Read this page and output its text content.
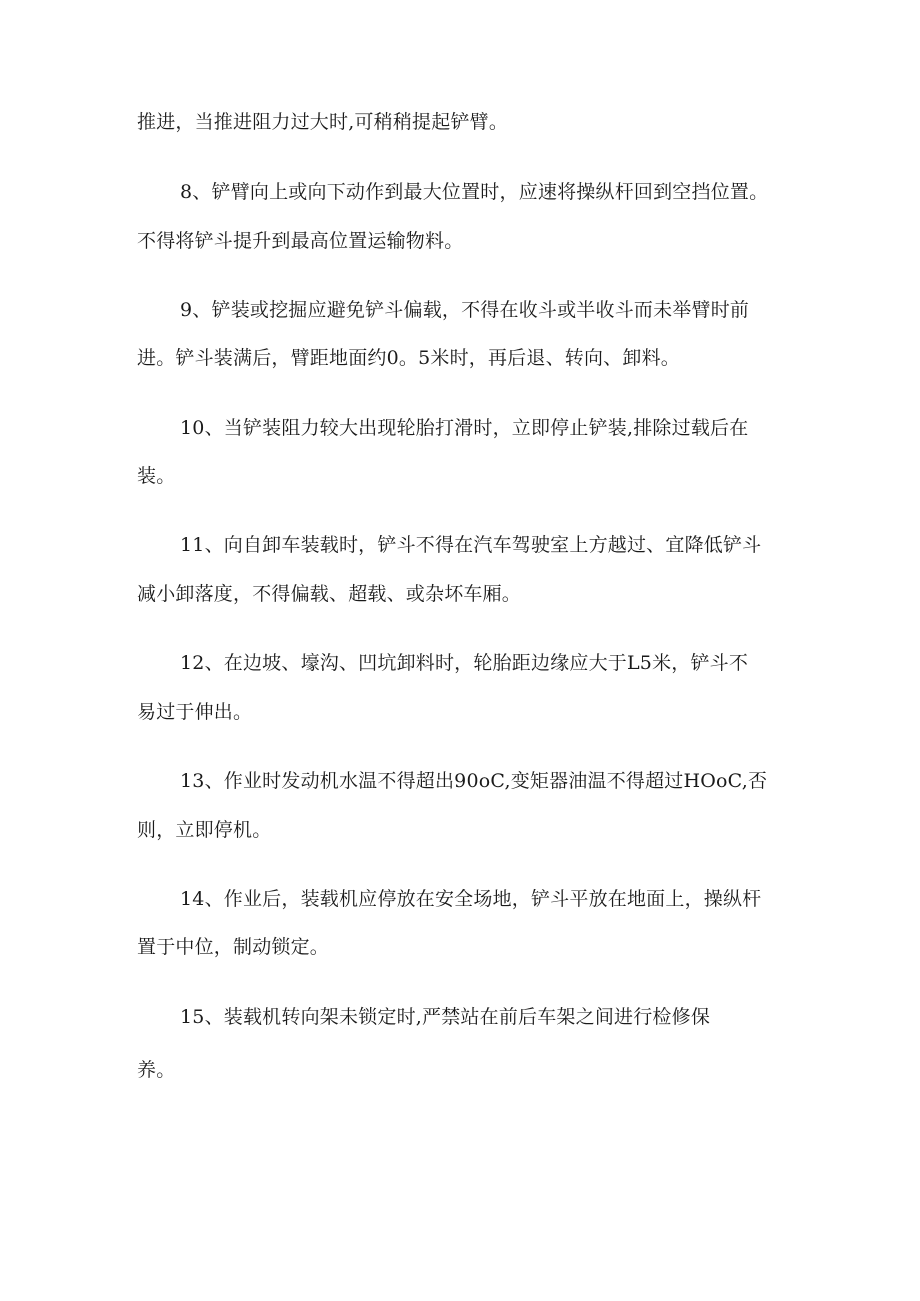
推进，当推进阻力过大时,可稍稍提起铲臂。
8、铲臂向上或向下动作到最大位置时，应速将操纵杆回到空挡位置。
不得将铲斗提升到最高位置运输物料。
9、铲装或挖掘应避免铲斗偏载，不得在收斗或半收斗而未举臂时前
进。铲斗装满后，臂距地面约0。5米时，再后退、转向、卸料。
10、当铲装阻力较大出现轮胎打滑时，立即停止铲装,排除过载后在
装。
11、向自卸车装载时，铲斗不得在汽车驾驶室上方越过、宜降低铲斗
减小卸落度，不得偏载、超载、或杂坏车厢。
12、在边坡、壕沟、凹坑卸料时，轮胎距边缘应大于L5米，铲斗不
易过于伸出。
13、作业时发动机水温不得超出90oC,变矩器油温不得超过HOoC,否
则，立即停机。
14、作业后，装载机应停放在安全场地，铲斗平放在地面上，操纵杆
置于中位，制动锁定。
15、装载机转向架未锁定时,严禁站在前后车架之间进行检修保
养。
